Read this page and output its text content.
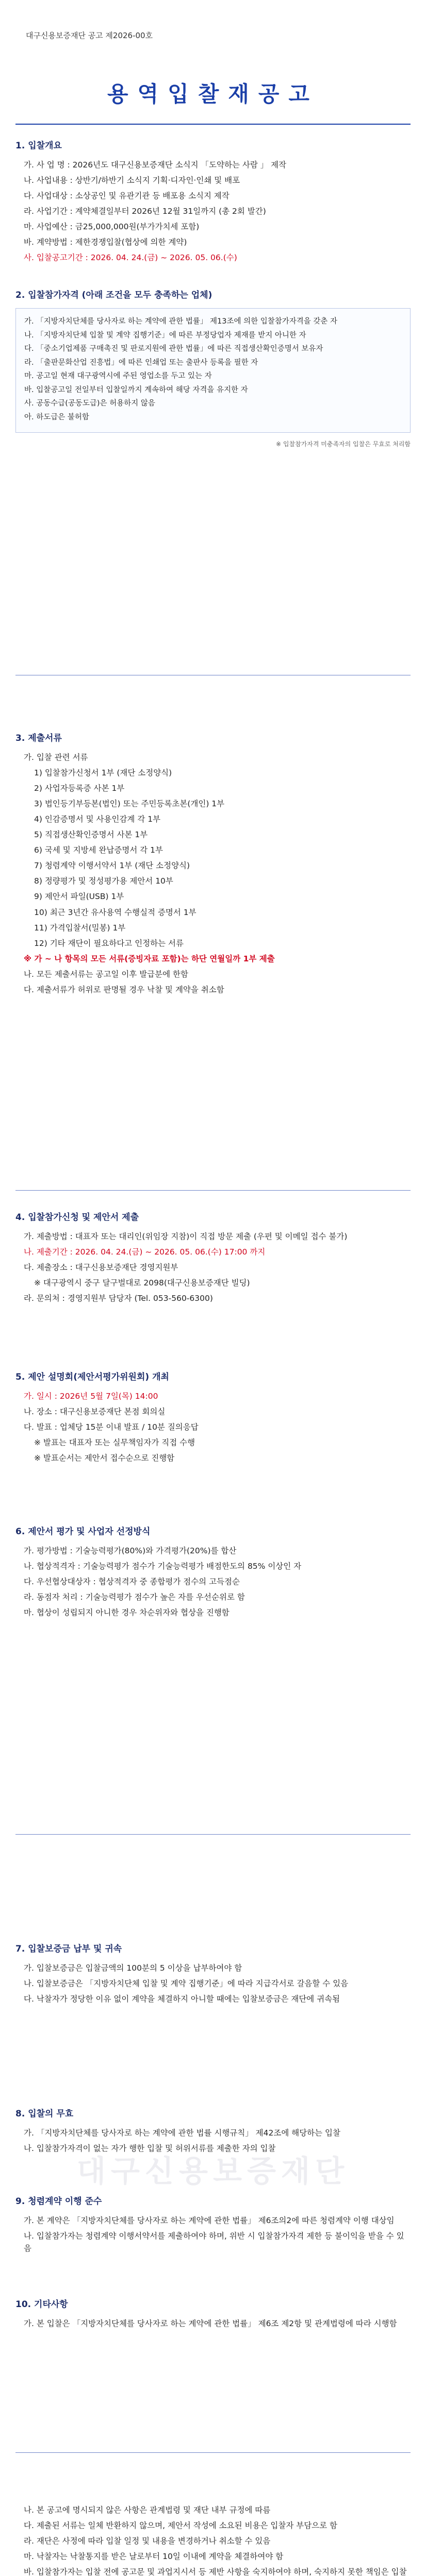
대구신용보증재단 공고 제2026-00호
용역입찰재공고
1. 입찰개요
가. 사 업 명 : 2026년도 대구신용보증재단 소식지 「도약하는 사람 」 제작
나. 사업내용 : 상반기/하반기 소식지 기획·디자인·인쇄 및 배포
다. 사업대상 : 소상공인 및 유관기관 등 배포용 소식지 제작
라. 사업기간 : 계약체결일부터 2026년 12월 31일까지 (총 2회 발간)
마. 사업예산 : 금25,000,000원(부가가치세 포함)
바. 계약방법 : 제한경쟁입찰(협상에 의한 계약)
사. 입찰공고기간 : 2026. 04. 24.(금) ~ 2026. 05. 06.(수)
2. 입찰참가자격 (아래 조건을 모두 충족하는 업체)
가. 「지방자치단체를 당사자로 하는 계약에 관한 법률」 제13조에 의한 입찰참가자격을 갖춘 자
나. 「지방자치단체 입찰 및 계약 집행기준」에 따른 부정당업자 제재를 받지 아니한 자
다. 「중소기업제품 구매촉진 및 판로지원에 관한 법률」에 따른 직접생산확인증명서 보유자
라. 「출판문화산업 진흥법」에 따른 인쇄업 또는 출판사 등록을 필한 자
마. 공고일 현재 대구광역시에 주된 영업소를 두고 있는 자
바. 입찰공고일 전일부터 입찰일까지 계속하여 해당 자격을 유지한 자
사. 공동수급(공동도급)은 허용하지 않음
아. 하도급은 불허함
※ 입찰참가자격 미충족자의 입찰은 무효로 처리함
3. 제출서류
가. 입찰 관련 서류
1) 입찰참가신청서 1부 (재단 소정양식)
2) 사업자등록증 사본 1부
3) 법인등기부등본(법인) 또는 주민등록초본(개인) 1부
4) 인감증명서 및 사용인감계 각 1부
5) 직접생산확인증명서 사본 1부
6) 국세 및 지방세 완납증명서 각 1부
7) 청렴계약 이행서약서 1부 (재단 소정양식)
8) 정량평가 및 정성평가용 제안서 10부
9) 제안서 파일(USB) 1부
10) 최근 3년간 유사용역 수행실적 증명서 1부
11) 가격입찰서(밀봉) 1부
12) 기타 재단이 필요하다고 인정하는 서류
※ 가 ~ 나 항목의 모든 서류(증빙자료 포함)는 하단 연월일까 1부 제출
나. 모든 제출서류는 공고일 이후 발급분에 한함
다. 제출서류가 허위로 판명될 경우 낙찰 및 계약을 취소함
4. 입찰참가신청 및 제안서 제출
가. 제출방법 : 대표자 또는 대리인(위임장 지참)이 직접 방문 제출 (우편 및 이메일 접수 불가)
나. 제출기간 : 2026. 04. 24.(금) ~ 2026. 05. 06.(수) 17:00 까지
다. 제출장소 : 대구신용보증재단 경영지원부
※ 대구광역시 중구 달구벌대로 2098(대구신용보증재단 빌딩)
라. 문의처 : 경영지원부 담당자 (Tel. 053-560-6300)
5. 제안 설명회(제안서평가위원회) 개최
가. 일시 : 2026년 5월 7일(목) 14:00
나. 장소 : 대구신용보증재단 본점 회의실
다. 발표 : 업체당 15분 이내 발표 / 10분 질의응답
※ 발표는 대표자 또는 실무책임자가 직접 수행
※ 발표순서는 제안서 접수순으로 진행함
6. 제안서 평가 및 사업자 선정방식
가. 평가방법 : 기술능력평가(80%)와 가격평가(20%)를 합산
나. 협상적격자 : 기술능력평가 점수가 기술능력평가 배점한도의 85% 이상인 자
다. 우선협상대상자 : 협상적격자 중 종합평가 점수의 고득점순
라. 동점자 처리 : 기술능력평가 점수가 높은 자를 우선순위로 함
마. 협상이 성립되지 아니한 경우 차순위자와 협상을 진행함
7. 입찰보증금 납부 및 귀속
가. 입찰보증금은 입찰금액의 100분의 5 이상을 납부하여야 함
나. 입찰보증금은 「지방자치단체 입찰 및 계약 집행기준」에 따라 지급각서로 갈음할 수 있음
다. 낙찰자가 정당한 이유 없이 계약을 체결하지 아니할 때에는 입찰보증금은 재단에 귀속됨
대구신용보증재단
8. 입찰의 무효
가. 「지방자치단체를 당사자로 하는 계약에 관한 법률 시행규칙」 제42조에 해당하는 입찰
나. 입찰참가자격이 없는 자가 행한 입찰 및 허위서류를 제출한 자의 입찰
9. 청렴계약 이행 준수
가. 본 계약은 「지방자치단체를 당사자로 하는 계약에 관한 법률」 제6조의2에 따른 청렴계약 이행 대상임
나. 입찰참가자는 청렴계약 이행서약서를 제출하여야 하며, 위반 시 입찰참가자격 제한 등 불이익을 받을 수 있음
10. 기타사항
가. 본 입찰은 「지방자치단체를 당사자로 하는 계약에 관한 법률」 제6조 제2항 및 관계법령에 따라 시행함
나. 본 공고에 명시되지 않은 사항은 관계법령 및 재단 내부 규정에 따름
다. 제출된 서류는 일체 반환하지 않으며, 제안서 작성에 소요된 비용은 입찰자 부담으로 함
라. 재단은 사정에 따라 입찰 일정 및 내용을 변경하거나 취소할 수 있음
마. 낙찰자는 낙찰통지를 받은 날로부터 10일 이내에 계약을 체결하여야 함
바. 입찰참가자는 입찰 전에 공고문 및 과업지시서 등 제반 사항을 숙지하여야 하며, 숙지하지 못한 책임은 입찰
